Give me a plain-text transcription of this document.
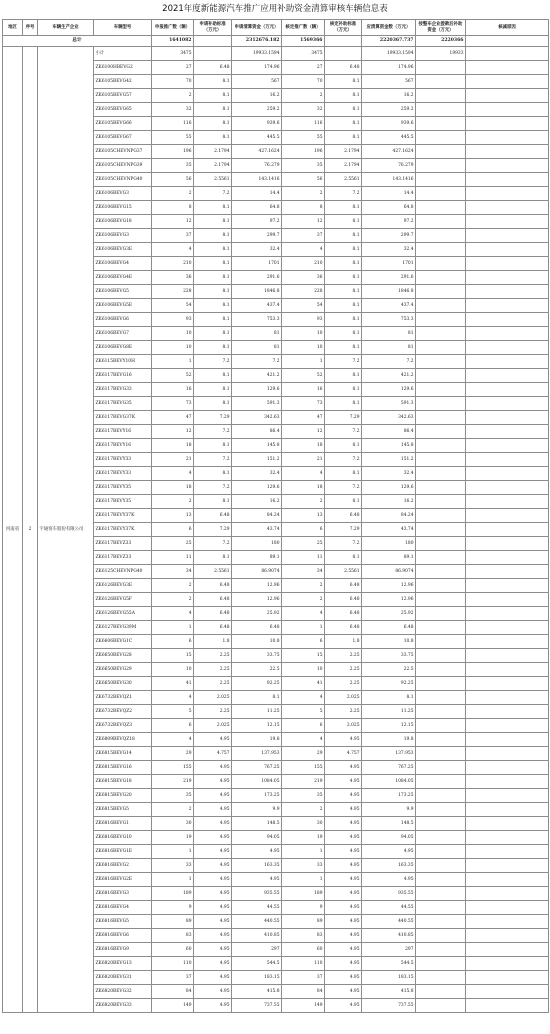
2021年度新能源汽车推广应用补助资金清算审核车辆信息表
地区	序号	车辆生产企业	车辆型号	申报推广数（辆）	申请补助标准（万元）	申请清算资金（万元）	核定推广数（辆）	核定补助标准（万元）	应清算资金数（万元）	按整车企业拨款后补助资金（万元）	核减原因
总计				1641082		2312676.182	1569366		2220367.737	2220366	
河南省	2	宇通客车股份有限公司	小计	3475		19933.1594	3475		19933.1594	19933	
			ZK6100HBEVG2	27	6.48	174.96	27	6.48	174.96		
			ZK6105BEVG42	70	8.1	567	70	8.1	567		
			ZK6105BEVG57	2	8.1	16.2	2	8.1	16.2		
			ZK6105BEVG65	32	8.1	259.2	32	8.1	259.2		
			ZK6105BEVG66	116	8.1	939.6	116	8.1	939.6		
			ZK6105BEVG67	55	8.1	445.5	55	8.1	445.5		
			ZK6105CHEVNPG37	196	2.1794	427.1624	196	2.1794	427.1624		
			ZK6105CHEVNPG39	35	2.1794	76.279	35	2.1794	76.279		
			ZK6105CHEVNPG40	56	2.5561	143.1416	56	2.5561	143.1416		
			ZK6106BEVG3	2	7.2	14.4	2	7.2	14.4		
			ZK6106BEVG15	8	8.1	64.8	8	8.1	64.8		
			ZK6106BEVG18	12	8.1	97.2	12	8.1	97.2		
			ZK6106BEVG3	37	8.1	299.7	37	8.1	299.7		
			ZK6106BEVG3E	4	8.1	32.4	4	8.1	32.4		
			ZK6106BEVG4	210	8.1	1701	210	8.1	1701		
			ZK6106BEVG4E	36	8.1	291.6	36	8.1	291.6		
			ZK6106BEVG5	228	8.1	1846.8	228	8.1	1846.8		
			ZK6106BEVG5E	54	8.1	437.4	54	8.1	437.4		
			ZK6106BEVG6	93	8.1	753.3	93	8.1	753.3		
			ZK6106BEVG7	10	8.1	81	10	8.1	81		
			ZK6106BEVG8E	10	8.1	81	10	8.1	81		
			ZK6115BEVY10H	1	7.2	7.2	1	7.2	7.2		
			ZK6117BEVG16	52	8.1	421.2	52	8.1	421.2		
			ZK6117BEVG33	16	8.1	129.6	16	8.1	129.6		
			ZK6117BEVG35	73	8.1	591.3	73	8.1	591.3		
			ZK6117BEVG37K	47	7.29	342.63	47	7.29	342.63		
			ZK6117BEVY16	12	7.2	86.4	12	7.2	86.4		
			ZK6117BEVY16	18	8.1	145.8	18	8.1	145.8		
			ZK6117BEVY33	21	7.2	151.2	21	7.2	151.2		
			ZK6117BEVY33	4	8.1	32.4	4	8.1	32.4		
			ZK6117BEVY35	18	7.2	129.6	18	7.2	129.6		
			ZK6117BEVY35	2	8.1	16.2	2	8.1	16.2		
			ZK6117BEVY37K	13	6.48	84.24	13	6.48	84.24		
			ZK6117BEVY37K	6	7.29	43.74	6	7.29	43.74		
			ZK6117BEVZ33	25	7.2	180	25	7.2	180		
			ZK6117BEVZ33	11	8.1	89.1	11	8.1	89.1		
			ZK6125CHEVNPG40	34	2.5561	86.9074	34	2.5561	86.9074		
			ZK6126BEVG3E	2	6.48	12.96	2	6.48	12.96		
			ZK6126BEVG5F	2	6.48	12.96	2	6.48	12.96		
			ZK6126BEVG55A	4	6.48	25.92	4	6.48	25.92		
			ZK6127BEVG39M	1	6.48	6.48	1	6.48	6.48		
			ZK6606BEVG1C	6	1.8	10.8	6	1.8	10.8		
			ZK6650BEVG28	15	2.25	33.75	15	2.25	33.75		
			ZK6650BEVG29	10	2.25	22.5	10	2.25	22.5		
			ZK6650BEVG30	41	2.25	92.25	41	2.25	92.25		
			ZK6732BEVQZ1	4	2.025	8.1	4	2.025	8.1		
			ZK6732BEVQZ2	5	2.25	11.25	5	2.25	11.25		
			ZK6732BEVQZ3	6	2.025	12.15	6	2.025	12.15		
			ZK6809BEVQZ18	4	4.95	19.8	4	4.95	19.8		
			ZK6815BEVG14	29	4.757	137.953	29	4.757	137.953		
			ZK6815BEVG16	155	4.95	767.25	155	4.95	767.25		
			ZK6815BEVG18	219	4.95	1084.05	219	4.95	1084.05		
			ZK6815BEVG20	35	4.95	173.25	35	4.95	173.25		
			ZK6815BEVG5	2	4.95	9.9	2	4.95	9.9		
			ZK6816BEVG1	30	4.95	148.5	30	4.95	148.5		
			ZK6816BEVG10	19	4.95	94.05	19	4.95	94.05		
			ZK6816BEVG1E	1	4.95	4.95	1	4.95	4.95		
			ZK6816BEVG2	33	4.95	163.35	33	4.95	163.35		
			ZK6816BEVG2E	1	4.95	4.95	1	4.95	4.95		
			ZK6816BEVG3	189	4.95	935.55	189	4.95	935.55		
			ZK6816BEVG4	9	4.95	44.55	9	4.95	44.55		
			ZK6816BEVG5	89	4.95	440.55	89	4.95	440.55		
			ZK6816BEVG6	83	4.95	410.85	83	4.95	410.85		
			ZK6816BEVG9	60	4.95	297	60	4.95	297		
			ZK6820BEVG13	110	4.95	544.5	110	4.95	544.5		
			ZK6820BEVG31	37	4.95	183.15	37	4.95	183.15		
			ZK6820BEVG32	84	4.95	415.8	84	4.95	415.8		
			ZK6820BEVG33	149	4.95	737.55	149	4.95	737.55		
